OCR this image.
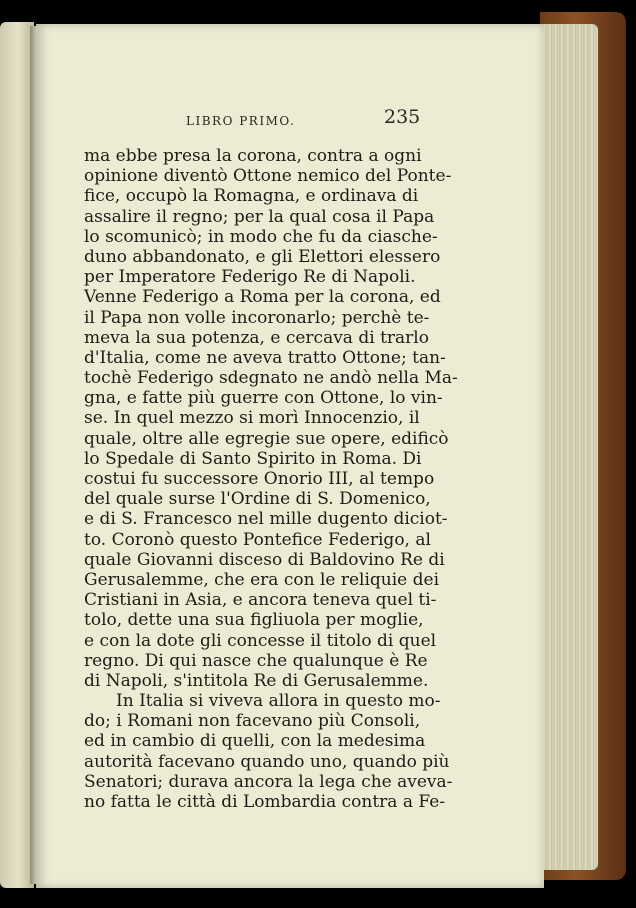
LIBRO PRIMO.	235
ma ebbe presa la corona, contra a ogni
opinione diventò Ottone nemico del Ponte-
fice, occupò la Romagna, e ordinava di
assalire il regno; per la qual cosa il Papa
lo scomunicò; in modo che fu da ciasche-
duno abbandonato, e gli Elettori elessero
per Imperatore Federigo Re di Napoli.
Venne Federigo a Roma per la corona, ed
il Papa non volle incoronarlo; perchè te-
meva la sua potenza, e cercava di trarlo
d'Italia, come ne aveva tratto Ottone; tan-
tochè Federigo sdegnato ne andò nella Ma-
gna, e fatte più guerre con Ottone, lo vin-
se. In quel mezzo si morì Innocenzio, il
quale, oltre alle egregie sue opere, edificò
lo Spedale di Santo Spirito in Roma. Di
costui fu successore Onorio III, al tempo
del quale surse l'Ordine di S. Domenico,
e di S. Francesco nel mille dugento diciot-
to. Coronò questo Pontefice Federigo, al
quale Giovanni disceso di Baldovino Re di
Gerusalemme, che era con le reliquie dei
Cristiani in Asia, e ancora teneva quel ti-
tolo, dette una sua figliuola per moglie,
e con la dote gli concesse il titolo di quel
regno. Di qui nasce che qualunque è Re
di Napoli, s'intitola Re di Gerusalemme.
In Italia si viveva allora in questo mo-
do; i Romani non facevano più Consoli,
ed in cambio di quelli, con la medesima
autorità facevano quando uno, quando più
Senatori; durava ancora la lega che aveva-
no fatta le città di Lombardia contra a Fe-
